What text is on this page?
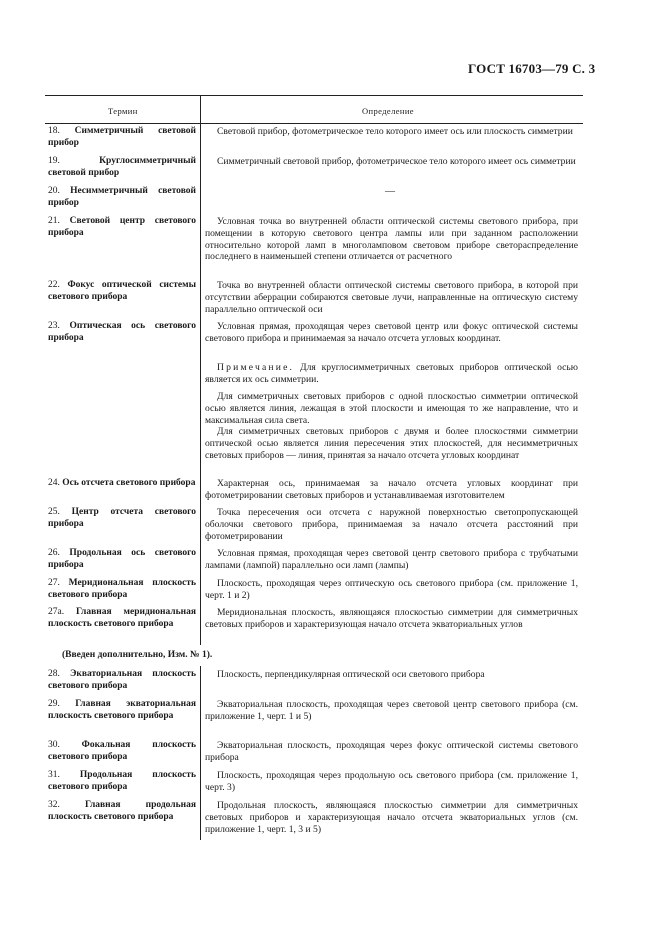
ГОСТ 16703—79 С. 3
Термин	Определение
18. Симметричный световой прибор
Световой прибор, фотометрическое тело которого имеет ось или плоскость симметрии
19.	Круглосимметричный световой прибор
Симметричный световой прибор, фотометрическое тело которого имеет ось симметрии
20. Несимметричный световой прибор
—
21. Световой центр светового прибора
Условная точка во внутренней области оптической системы светового прибора, при помещении в которую светового центра лампы или при заданном расположении относительно которой ламп в многоламповом световом приборе светораспределение последнего в наименьшей степени отличается от расчетного
22. Фокус оптической системы светового прибора
Точка во внутренней области оптической системы светового прибора, в которой при отсутствии аберрации собираются световые лучи, направленные на оптическую систему параллельно оптической оси
23. Оптическая ось светового прибора
Условная прямая, проходящая через световой центр или фокус оптической системы светового прибора и принимаемая за начало отсчета угловых координат.
Примечание. Для круглосимметричных световых приборов оптической осью является их ось симметрии.
Для симметричных световых приборов с одной плоскостью симметрии оптической осью является линия, лежащая в этой плоскости и имеющая то же направление, что и максимальная сила света.
Для симметричных световых приборов с двумя и более плоскостями симметрии оптической осью является линия пересечения этих плоскостей, для несимметричных световых приборов — линия, принятая за начало отсчета угловых координат
24. Ось отсчета светового прибора	Характерная ось, принимаемая за начало отсчета угловых координат при фотометрировании световых приборов и устанавливаемая изготовителем
25. Центр отсчета светового прибора
Точка пересечения оси отсчета с наружной поверхностью светопропускающей оболочки светового прибора, принимаемая за начало отсчета расстояний при фотометрировании
26. Продольная ось светового прибора
Условная прямая, проходящая через световой центр светового прибора с трубчатыми лампами (лампой) параллельно оси ламп (лампы)
27. Меридиональная плоскость светового прибора
Плоскость, проходящая через оптическую ось светового прибора (см. приложение 1, черт. 1 и 2)
27а. Главная меридиональная плоскость светового прибора
Меридиональная плоскость, являющаяся плоскостью симметрии для симметричных световых приборов и характеризующая начало отсчета экваториальных углов
(Введен дополнительно, Изм. № 1).
28. Экваториальная плоскость светового прибора
Плоскость, перпендикулярная оптической оси светового прибора
29. Главная экваториальная плоскость светового прибора
Экваториальная плоскость, проходящая через световой центр светового прибора (см. приложение 1, черт. 1 и 5)
30. Фокальная плоскость светового прибора
Экваториальная плоскость, проходящая через фокус оптической системы светового прибора
31. Продольная плоскость светового прибора
Плоскость, проходящая через продольную ось светового прибора (см. приложение 1, черт. 3)
32.	Главная продольная плоскость светового прибора
Продольная плоскость, являющаяся плоскостью симметрии для симметричных световых приборов и характеризующая начало отсчета экваториальных углов (см. приложение 1, черт. 1, 3 и 5)
